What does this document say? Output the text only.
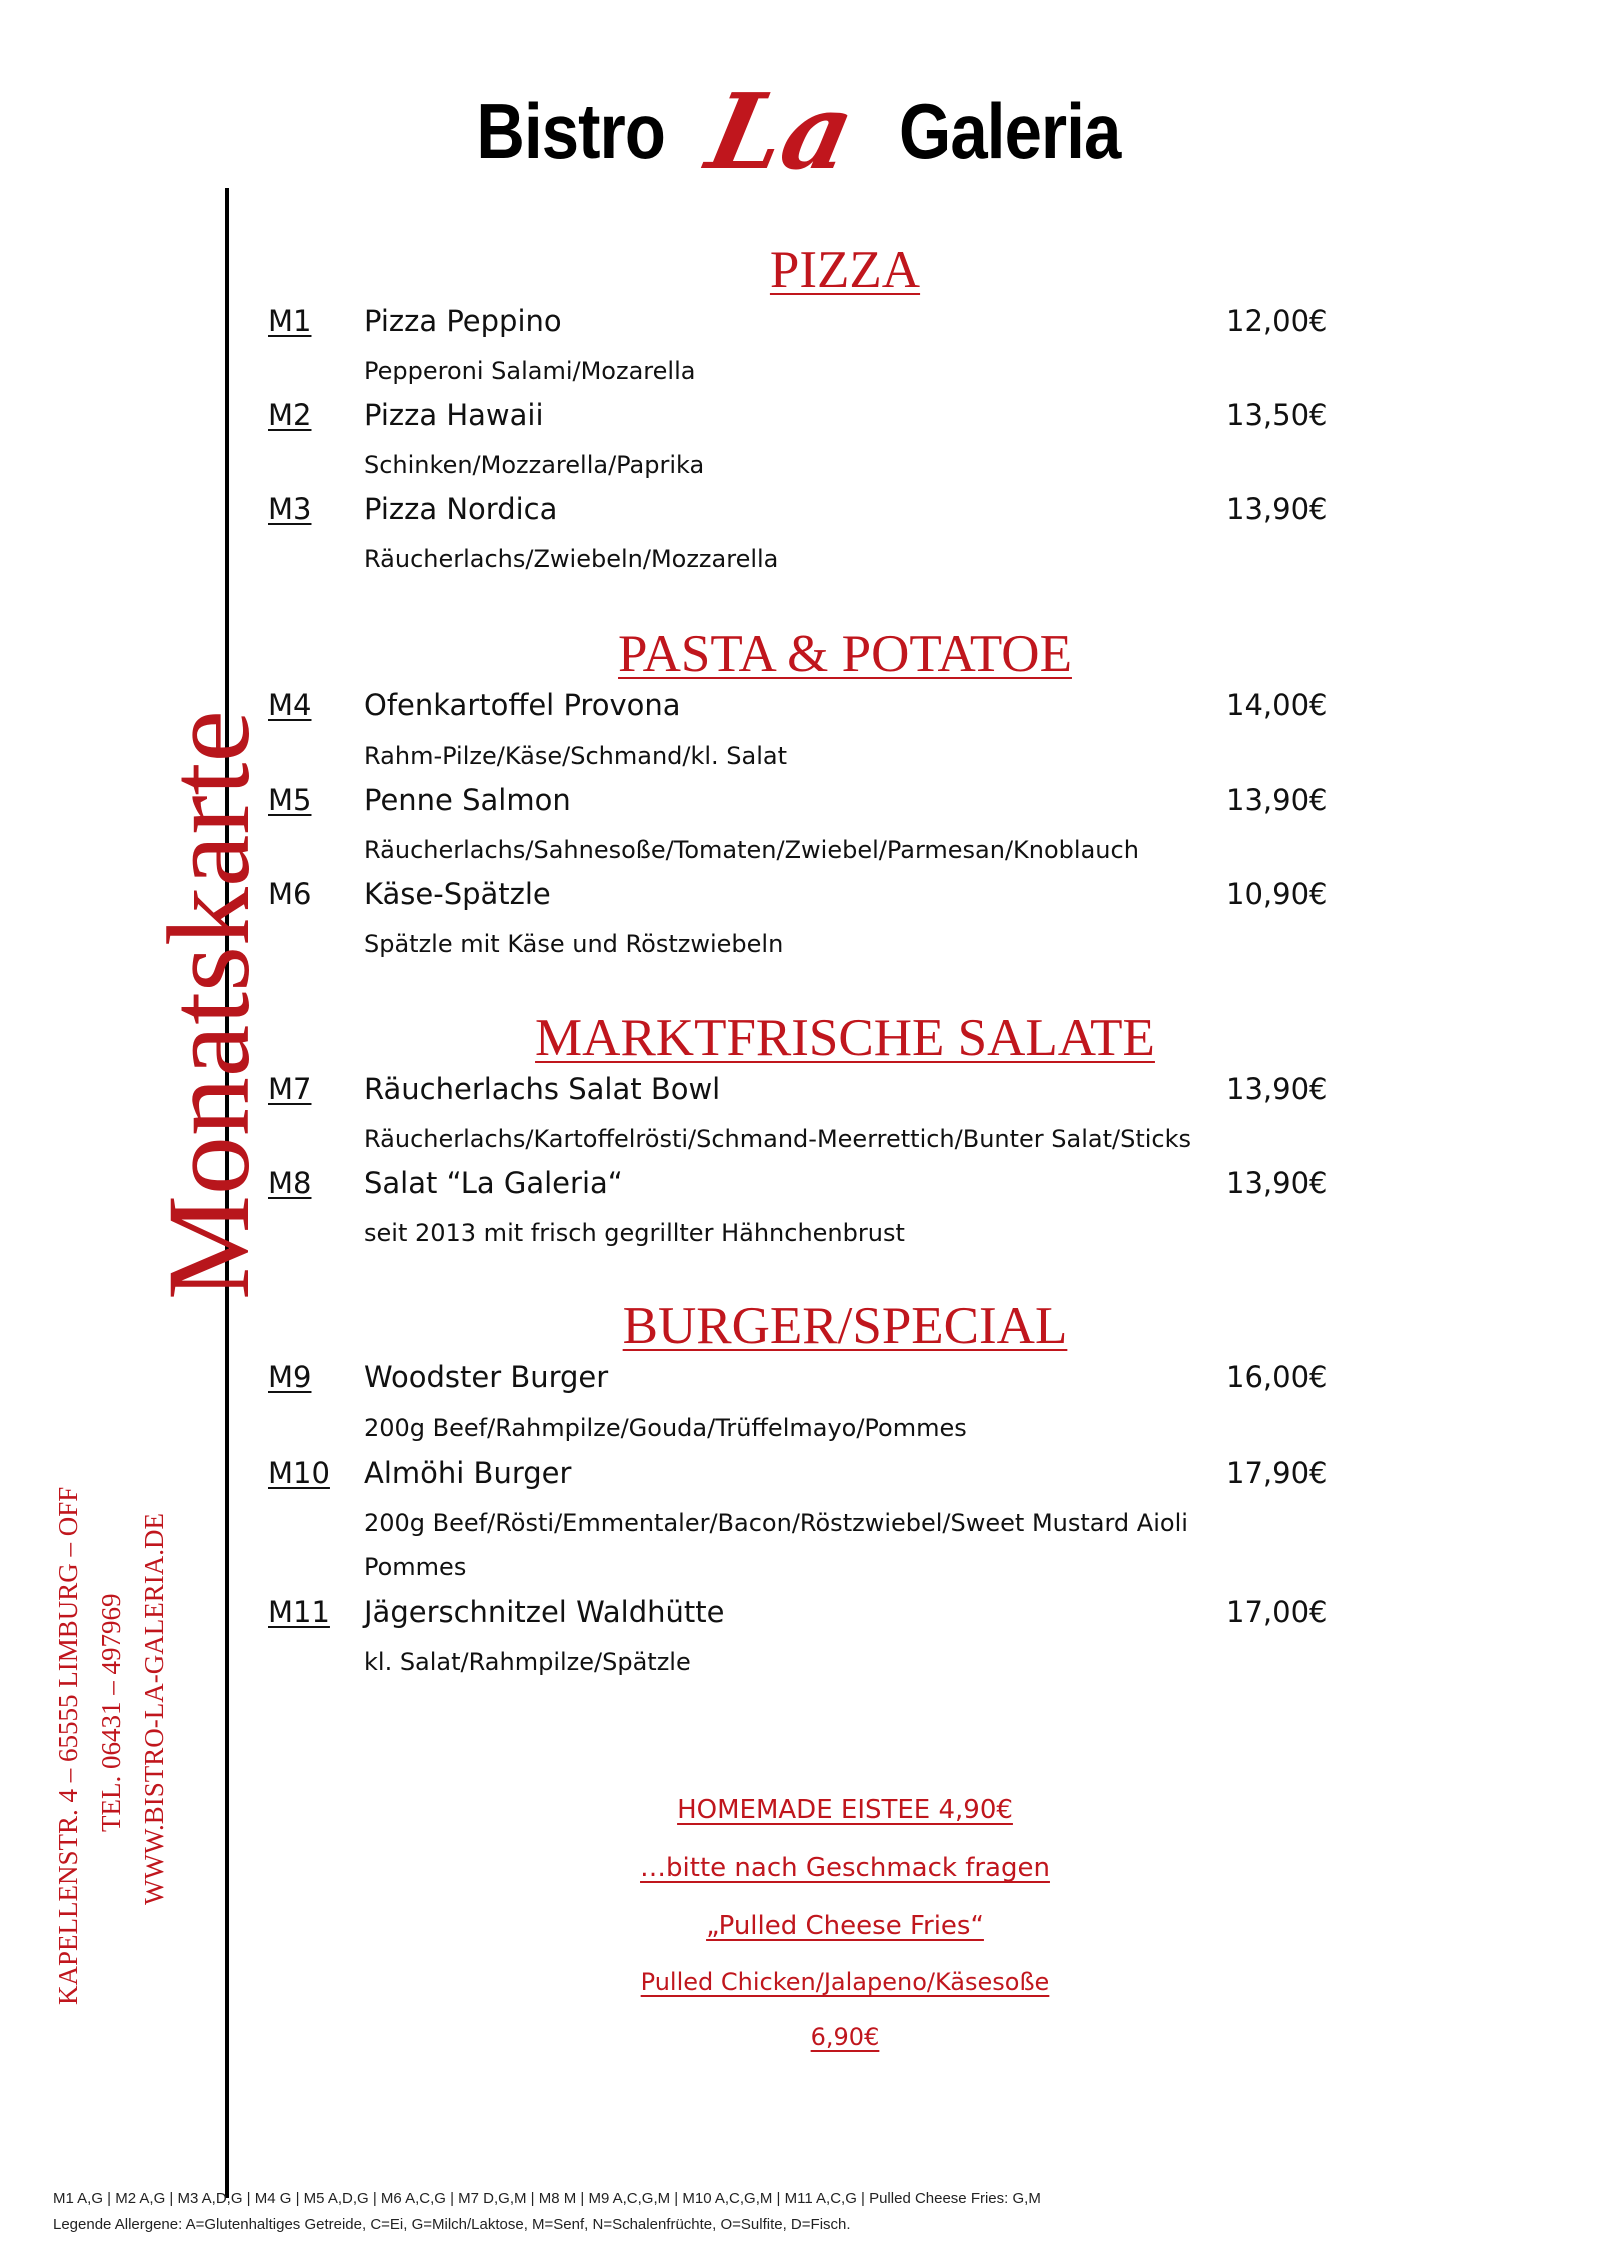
Bistro La Galeria
Monatskarte
KAPELLENSTR. 4 – 65555 LIMBURG – OFF TEL. 06431 – 497969 WWW.BISTRO-LA-GALERIA.DE
PIZZA
M1 Pizza Peppino	12,00€
Pepperoni Salami/Mozarella
M2 Pizza Hawaii	13,50€
Schinken/Mozzarella/Paprika
M3 Pizza Nordica	13,90€
Räucherlachs/Zwiebeln/Mozzarella
PASTA & POTATOE
M4 Ofenkartoffel Provona	14,00€
Rahm-Pilze/Käse/Schmand/kl. Salat
M5 Penne Salmon	13,90€
Räucherlachs/Sahnesoße/Tomaten/Zwiebel/Parmesan/Knoblauch
M6 Käse-Spätzle	10,90€
Spätzle mit Käse und Röstzwiebeln
MARKTFRISCHE SALATE
M7 Räucherlachs Salat Bowl	13,90€
Räucherlachs/Kartoffelrösti/Schmand-Meerrettich/Bunter Salat/Sticks
M8 Salat “La Galeria“	13,90€
seit 2013 mit frisch gegrillter Hähnchenbrust
BURGER/SPECIAL
M9 Woodster Burger	16,00€
200g Beef/Rahmpilze/Gouda/Trüffelmayo/Pommes
M10 Almöhi Burger	17,90€
200g Beef/Rösti/Emmentaler/Bacon/Röstzwiebel/Sweet Mustard Aioli
Pommes
M11 Jägerschnitzel Waldhütte	17,00€
kl. Salat/Rahmpilze/Spätzle
HOMEMADE EISTEE 4,90€
…bitte nach Geschmack fragen
„Pulled Cheese Fries“
Pulled Chicken/Jalapeno/Käsesoße
6,90€
M1 A,G | M2 A,G | M3 A,D,G | M4 G | M5 A,D,G | M6 A,C,G | M7 D,G,M | M8 M | M9 A,C,G,M | M10 A,C,G,M | M11 A,C,G | Pulled Cheese Fries: G,M
Legende Allergene: A=Glutenhaltiges Getreide, C=Ei, G=Milch/Laktose, M=Senf, N=Schalenfrüchte, O=Sulfite, D=Fisch.
